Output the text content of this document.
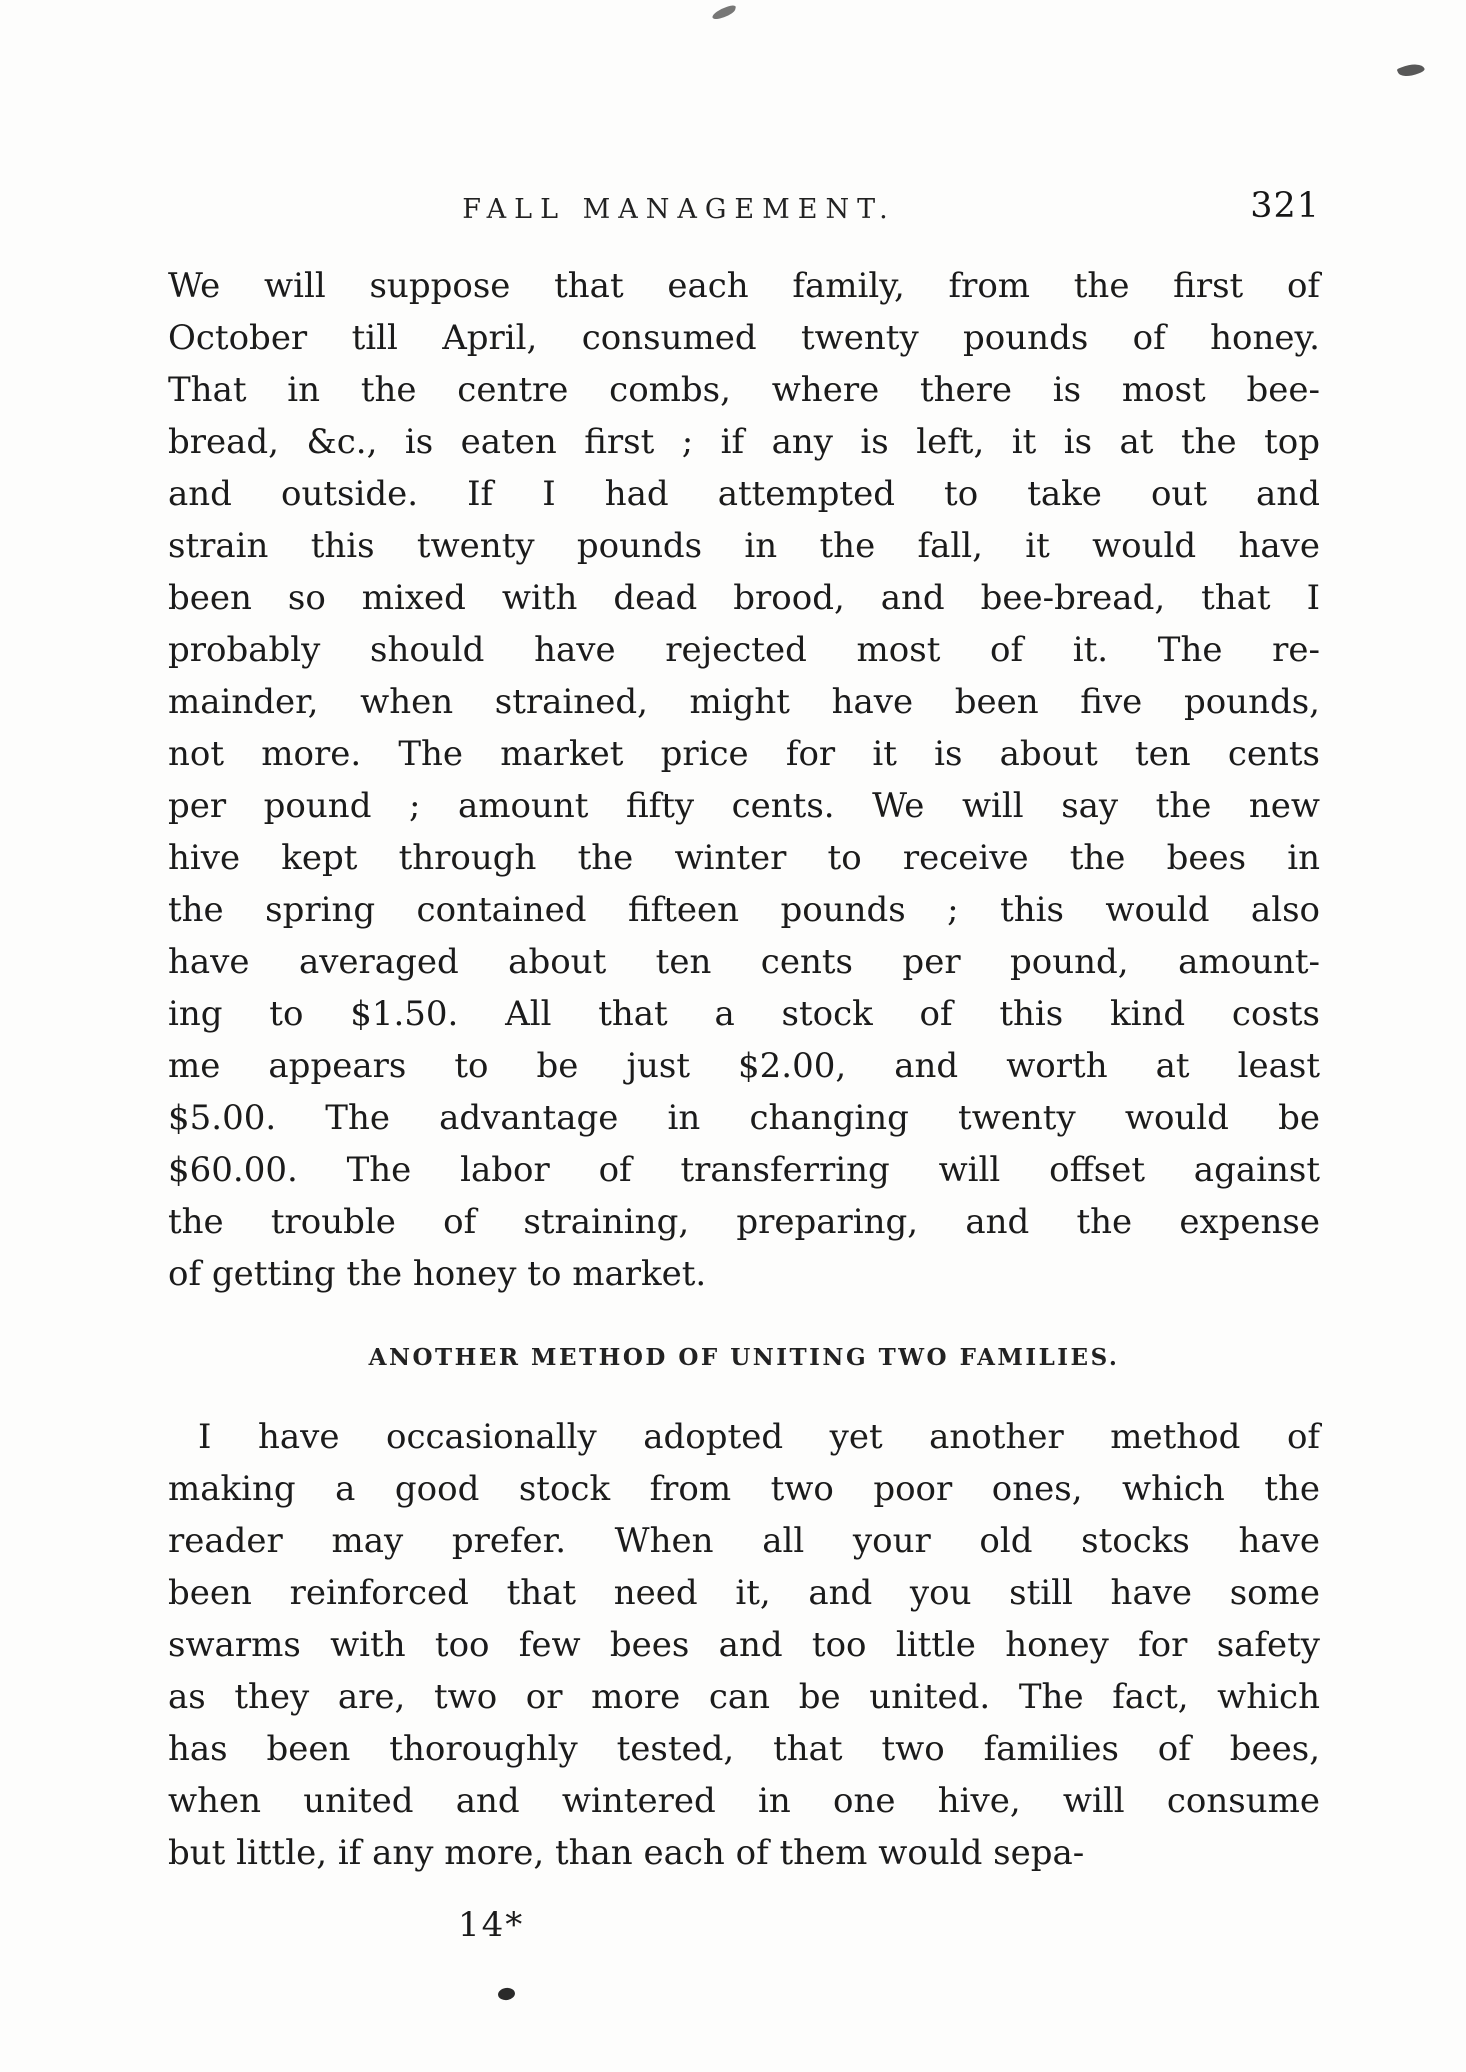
FALL MANAGEMENT.	321
We will suppose that each family, from the first of
October till April, consumed twenty pounds of honey.
That in the centre combs, where there is most bee-
bread, &c., is eaten first ; if any is left, it is at the top
and outside. If I had attempted to take out and
strain this twenty pounds in the fall, it would have
been so mixed with dead brood, and bee-bread, that I
probably should have rejected most of it. The re-
mainder, when strained, might have been five pounds,
not more. The market price for it is about ten cents
per pound ; amount fifty cents. We will say the new
hive kept through the winter to receive the bees in
the spring contained fifteen pounds ; this would also
have averaged about ten cents per pound, amount-
ing to $1.50. All that a stock of this kind costs
me appears to be just $2.00, and worth at least
$5.00. The advantage in changing twenty would be
$60.00. The labor of transferring will offset against
the trouble of straining, preparing, and the expense
of getting the honey to market.
ANOTHER METHOD OF UNITING TWO FAMILIES.
I have occasionally adopted yet another method of
making a good stock from two poor ones, which the
reader may prefer. When all your old stocks have
been reinforced that need it, and you still have some
swarms with too few bees and too little honey for safety
as they are, two or more can be united. The fact, which
has been thoroughly tested, that two families of bees,
when united and wintered in one hive, will consume
but little, if any more, than each of them would sepa-
14*
